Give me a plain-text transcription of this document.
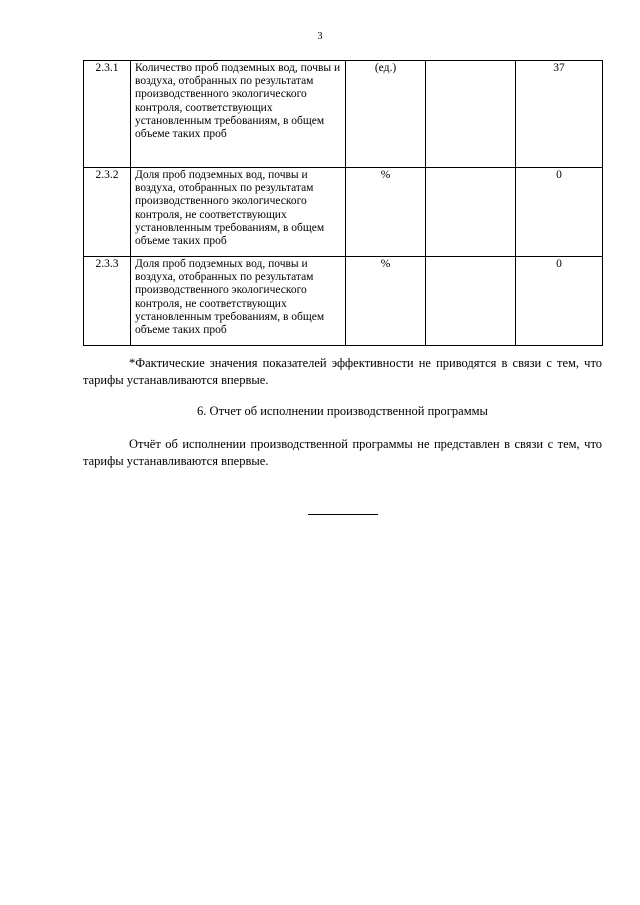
3
2.3.1	Количество проб подземных вод, почвы и воздуха, отобранных по результатам производственного экологического контроля, соответствующих установленным требованиям, в общем объеме таких проб	(ед.)		37
2.3.2	Доля проб подземных вод, почвы и воздуха, отобранных по результатам производственного экологического контроля, не соответствующих установленным требованиям, в общем объеме таких проб	%		0
2.3.3	Доля проб подземных вод, почвы и воздуха, отобранных по результатам производственного экологического контроля, не соответствующих установленным требованиям, в общем объеме таких проб	%		0

*Фактические значения показателей эффективности не приводятся в связи с тем, что тарифы устанавливаются впервые.

6. Отчет об исполнении производственной программы

Отчёт об исполнении производственной программы не представлен в связи с тем, что тарифы устанавливаются впервые.
